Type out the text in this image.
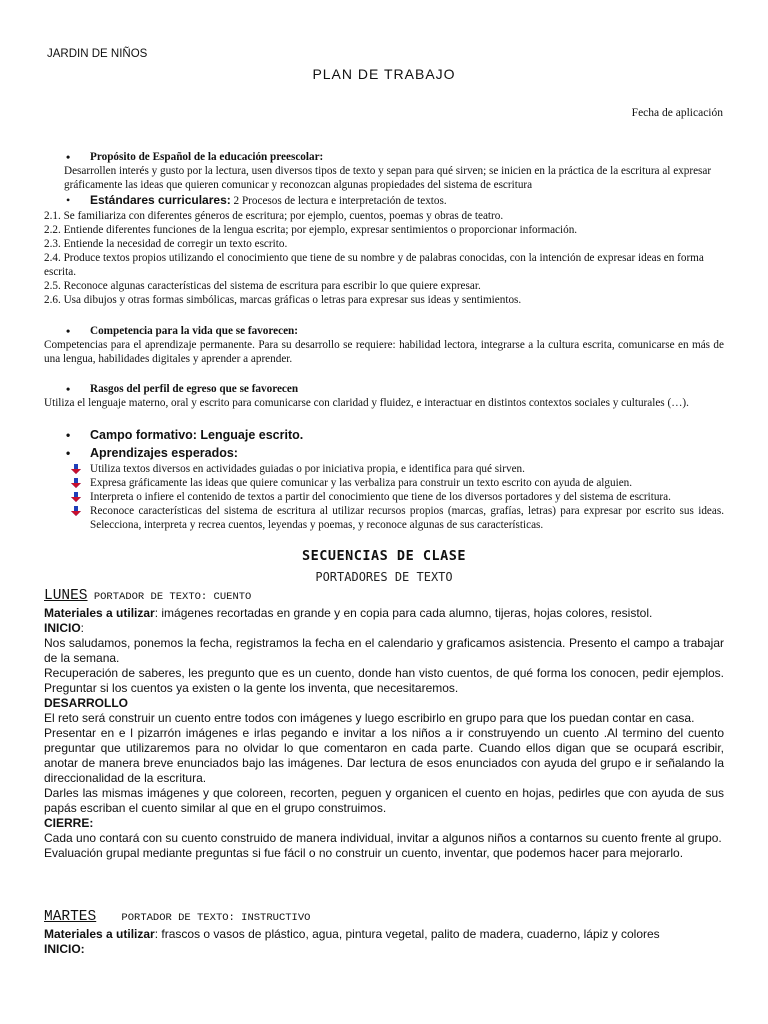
JARDIN DE NIÑOS
PLAN DE TRABAJO
Fecha de aplicación
• Propósito de Español de la educación preescolar:
Desarrollen interés y gusto por la lectura, usen diversos tipos de texto y sepan para qué sirven; se inicien en la práctica de la escritura al expresar gráficamente las ideas que quieren comunicar y reconozcan algunas propiedades del sistema de escritura
• Estándares curriculares: 2 Procesos de lectura e interpretación de textos.
2.1. Se familiariza con diferentes géneros de escritura; por ejemplo, cuentos, poemas y obras de teatro.
2.2. Entiende diferentes funciones de la lengua escrita; por ejemplo, expresar sentimientos o proporcionar información.
2.3. Entiende la necesidad de corregir un texto escrito.
2.4. Produce textos propios utilizando el conocimiento que tiene de su nombre y de palabras conocidas, con la intención de expresar ideas en forma escrita.
2.5. Reconoce algunas características del sistema de escritura para escribir lo que quiere expresar.
2.6. Usa dibujos y otras formas simbólicas, marcas gráficas o letras para expresar sus ideas y sentimientos.
• Competencia para la vida que se favorecen:
Competencias para el aprendizaje permanente. Para su desarrollo se requiere: habilidad lectora, integrarse a la cultura escrita, comunicarse en más de una lengua, habilidades digitales y aprender a aprender.
• Rasgos del perfil de egreso que se favorecen
Utiliza el lenguaje materno, oral y escrito para comunicarse con claridad y fluidez, e interactuar en distintos contextos sociales y culturales (…).
• Campo formativo: Lenguaje escrito.
• Aprendizajes esperados:
Utiliza textos diversos en actividades guiadas o por iniciativa propia, e identifica para qué sirven.
Expresa gráficamente las ideas que quiere comunicar y las verbaliza para construir un texto escrito con ayuda de alguien.
Interpreta o infiere el contenido de textos a partir del conocimiento que tiene de los diversos portadores y del sistema de escritura.
Reconoce características del sistema de escritura al utilizar recursos propios (marcas, grafías, letras) para expresar por escrito sus ideas. Selecciona, interpreta y recrea cuentos, leyendas y poemas, y reconoce algunas de sus características.
SECUENCIAS DE CLASE
PORTADORES DE TEXTO
LUNES PORTADOR DE TEXTO: CUENTO
Materiales a utilizar: imágenes recortadas en grande y en copia para cada alumno, tijeras, hojas colores, resistol.
INICIO:
Nos saludamos, ponemos la fecha, registramos la fecha en el calendario y graficamos asistencia. Presento el campo a trabajar de la semana.
Recuperación de saberes, les pregunto que es un cuento, donde han visto cuentos, de qué forma los conocen, pedir ejemplos. Preguntar si los cuentos ya existen o la gente los inventa, que necesitaremos.
DESARROLLO
El reto será construir un cuento entre todos con imágenes y luego escribirlo en grupo para que los puedan contar en casa.
Presentar en e l pizarrón imágenes e irlas pegando e invitar a los niños a ir construyendo un cuento .Al termino del cuento preguntar que utilizaremos para no olvidar lo que comentaron en cada parte. Cuando ellos digan que se ocupará escribir, anotar de manera breve enunciados bajo las imágenes. Dar lectura de esos enunciados con ayuda del grupo e ir señalando la direccionalidad de la escritura.
Darles las mismas imágenes y que coloreen, recorten, peguen y organicen el cuento en hojas, pedirles que con ayuda de sus papás escriban el cuento similar al que en el grupo construimos.
CIERRE:
Cada uno contará con su cuento construido de manera individual, invitar a algunos niños a contarnos su cuento frente al grupo.
Evaluación grupal mediante preguntas si fue fácil o no construir un cuento, inventar, que podemos hacer para mejorarlo.
MARTES    PORTADOR DE TEXTO: INSTRUCTIVO
Materiales a utilizar: frascos o vasos de plástico, agua, pintura vegetal, palito de madera, cuaderno, lápiz y colores
INICIO:
